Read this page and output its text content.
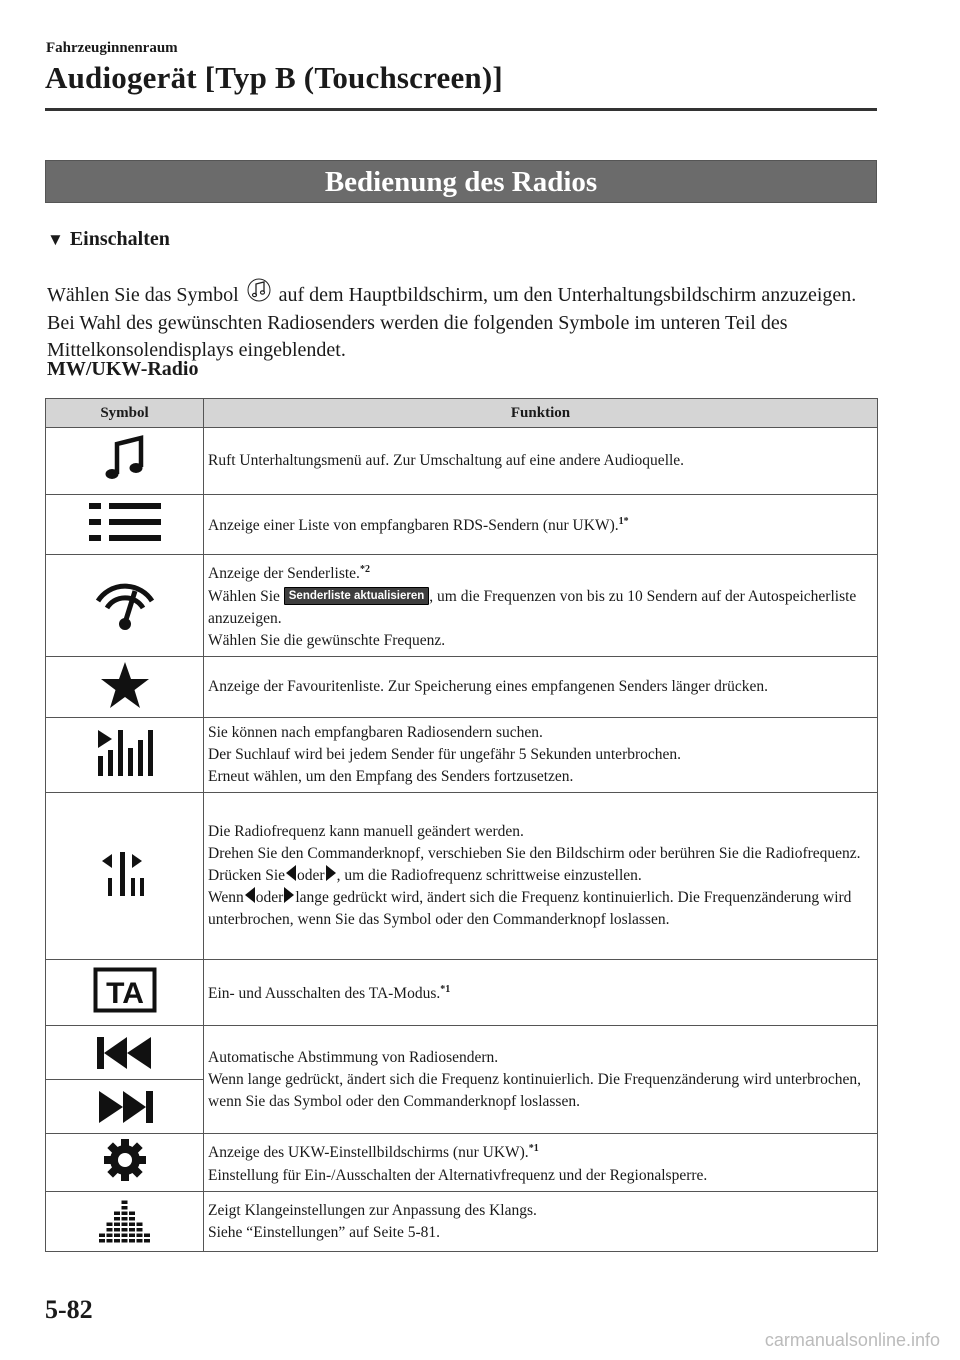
Fahrzeuginnenraum
Audiogerät [Typ B (Touchscreen)]
Bedienung des Radios
▼ Einschalten
Wählen Sie das Symbol auf dem Hauptbildschirm, um den Unterhaltungsbildschirm anzuzeigen. Bei Wahl des gewünschten Radiosenders werden die folgenden Symbole im unteren Teil des Mittelkonsolendisplays eingeblendet.
MW/UKW-Radio
Symbol	Funktion

Ruft Unterhaltungsmenü auf. Zur Umschaltung auf eine andere Audioquelle.

	Anzeige einer Liste von empfangbaren RDS-Sendern (nur UKW).$^{1*}$

Anzeige der Senderliste.$^{*2}$
Wählen Sie Senderliste aktualisieren , um die Frequenzen von bis zu 10 Sendern auf der Autospeicherliste anzuzeigen.
Wählen Sie die gewünschte Frequenz.

Anzeige der Favouritenliste. Zur Speicherung eines empfangenen Senders länger drücken.

Sie können nach empfangbaren Radiosendern suchen.
Der Suchlauf wird bei jedem Sender für ungefähr 5 Sekunden unterbrochen.
Erneut wählen, um den Empfang des Senders fortzusetzen.

Die Radiofrequenz kann manuell geändert werden.
Drehen Sie den Commanderknopf, verschieben Sie den Bildschirm oder berühren Sie die Radiofrequenz.
Drücken Sie oder , um die Radiofrequenz schrittweise einzustellen.
Wenn oder lange gedrückt wird, ändert sich die Frequenz kontinuierlich. Die Frequenzänderung wird unterbrochen, wenn Sie das Symbol oder den Commanderknopf loslassen.

TA	Ein- und Ausschalten des TA-Modus.$^{*1}$

Automatische Abstimmung von Radiosendern.
Wenn lange gedrückt, ändert sich die Frequenz kontinuierlich. Die Frequenzänderung wird unterbrochen, wenn Sie das Symbol oder den Commanderknopf loslassen.

Anzeige des UKW-Einstellbildschirms (nur UKW).$^{*1}$
Einstellung für Ein-/Ausschalten der Alternativfrequenz und der Regionalsperre.

Zeigt Klangeinstellungen zur Anpassung des Klangs.
Siehe “Einstellungen” auf Seite 5-81.
5-82
carmanualsonline.info
